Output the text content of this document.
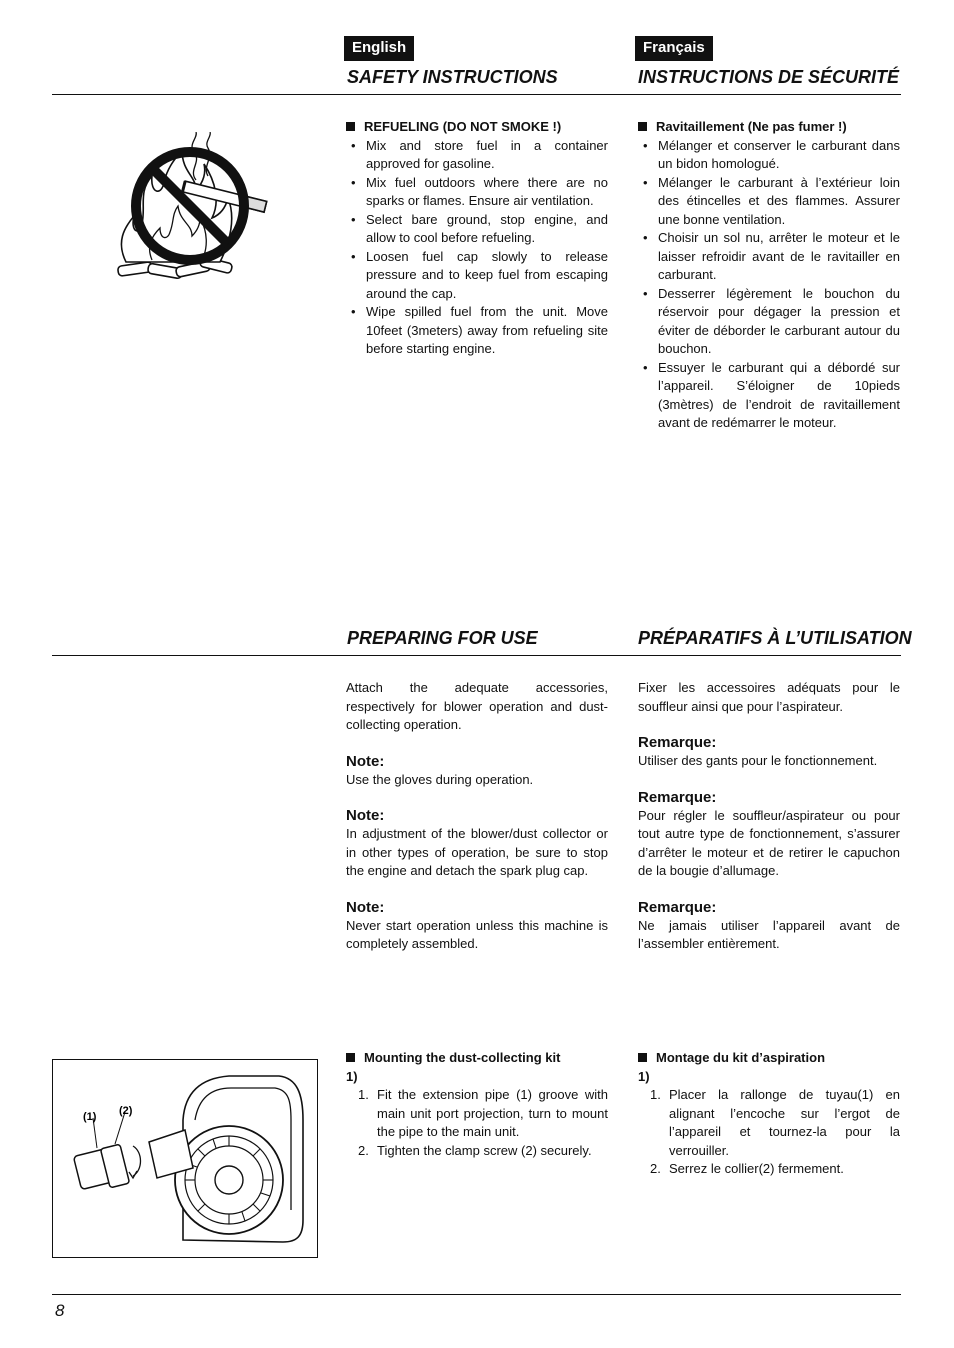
English	Français
SAFETY INSTRUCTIONS	INSTRUCTIONS DE SÉCURITÉ

REFUELING (DO NOT SMOKE !)

• Mix and store fuel in a container approved for gasoline.
• Mix fuel outdoors where there are no sparks or flames. Ensure air ventilation.
• Select bare ground, stop engine, and allow to cool before refueling.
• Loosen fuel cap slowly to release pressure and to keep fuel from escaping around the cap.
• Wipe spilled fuel from the unit. Move 10feet (3meters) away from refueling site before starting engine.

Ravitaillement (Ne pas fumer !)

• Mélanger et conserver le carburant dans un bidon homologué.
• Mélanger le carburant à l’extérieur loin des étincelles et des flammes. Assurer une bonne ventilation.
• Choisir un sol nu, arrêter le moteur et le laisser refroidir avant de le ravitailler en carburant.
• Desserrer légèrement le bouchon du réservoir pour dégager la pression et éviter de déborder le carburant autour du bouchon.
• Essuyer le carburant qui a débordé sur l’appareil. S’éloigner de 10pieds (3mètres) de l’endroit de ravitaillement avant de redémarrer le moteur.
PREPARING FOR USE	PRÉPARATIFS À L’UTILISATION

Attach the adequate accessories, respectively for blower operation and dust-collecting operation.

Note:

Use the gloves during operation.

Note:

In adjustment of the blower/dust collector or in other types of operation, be sure to stop the engine and detach the spark plug cap.

Note:

Never start operation unless this machine is completely assembled.

Fixer les accessoires adéquats pour le souffleur ainsi que pour l’aspirateur.

Remarque:

Utiliser des gants pour le fonctionnement.

Remarque:

Pour régler le souffleur/aspirateur ou pour tout autre type de fonctionnement, s’assurer d’arrêter le moteur et de retirer le capuchon de la bougie d’allumage.

Remarque:

Ne jamais utiliser l’appareil avant de l’assembler entièrement.

(1) (2)

Mounting the dust-collecting kit

1)

1. Fit the extension pipe (1) groove with main unit port projection, turn to mount the pipe to the main unit.
2. Tighten the clamp screw (2) securely.

Montage du kit d’aspiration

1)

1. Placer la rallonge de tuyau(1) en alignant l’encoche sur l’ergot de l’appareil et tournez-la pour la verrouiller.
2. Serrez le collier(2) fermement.
8
